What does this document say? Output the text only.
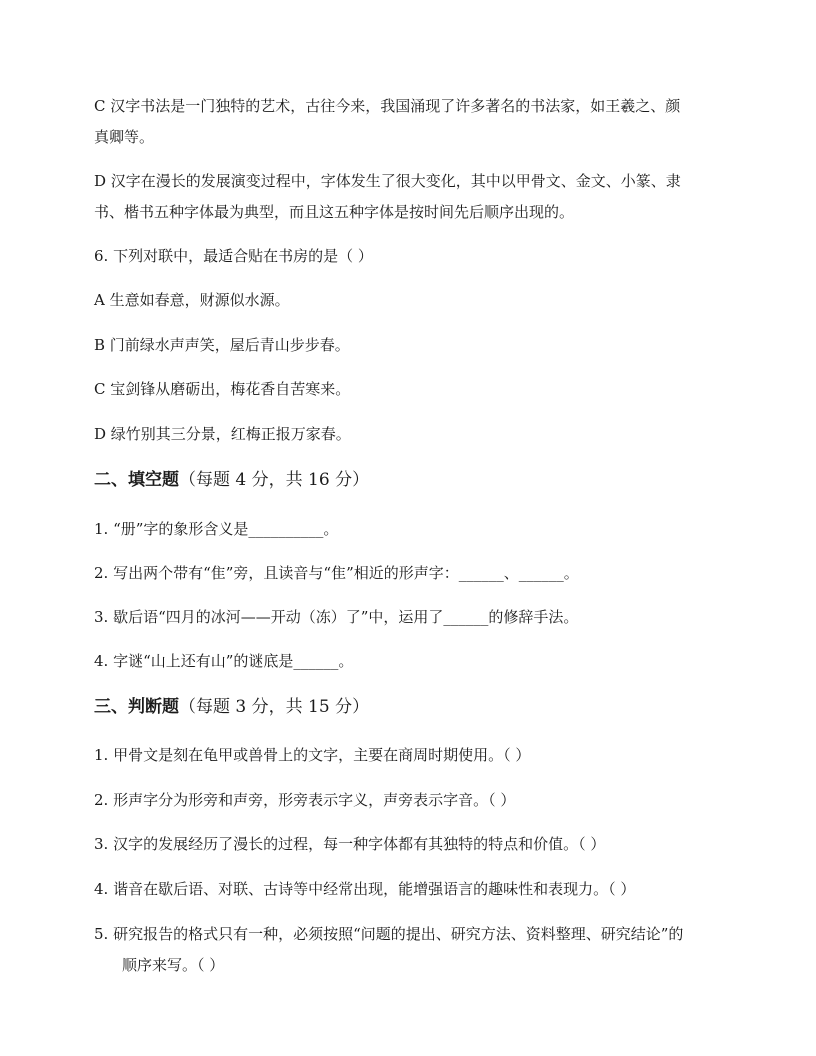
C 汉字书法是一门独特的艺术，古往今来，我国涌现了许多著名的书法家，如王羲之、颜
真卿等。
D 汉字在漫长的发展演变过程中，字体发生了很大变化，其中以甲骨文、金文、小篆、隶
书、楷书五种字体最为典型，而且这五种字体是按时间先后顺序出现的。
6. 下列对联中，最适合贴在书房的是（ ）
A 生意如春意，财源似水源。
B 门前绿水声声笑，屋后青山步步春。
C 宝剑锋从磨砺出，梅花香自苦寒来。
D 绿竹别其三分景，红梅正报万家春。
二、填空题（每题 4 分，共 16 分）
1. “册”字的象形含义是__________。
2. 写出两个带有“隹”旁，且读音与“隹”相近的形声字：______、______。
3. 歇后语“四月的冰河——开动（冻）了”中，运用了______的修辞手法。
4. 字谜“山上还有山”的谜底是______。
三、判断题（每题 3 分，共 15 分）
1. 甲骨文是刻在龟甲或兽骨上的文字，主要在商周时期使用。（ ）
2. 形声字分为形旁和声旁，形旁表示字义，声旁表示字音。（ ）
3. 汉字的发展经历了漫长的过程，每一种字体都有其独特的特点和价值。（ ）
4. 谐音在歇后语、对联、古诗等中经常出现，能增强语言的趣味性和表现力。（ ）
5. 研究报告的格式只有一种，必须按照“问题的提出、研究方法、资料整理、研究结论”的
顺序来写。（ ）
